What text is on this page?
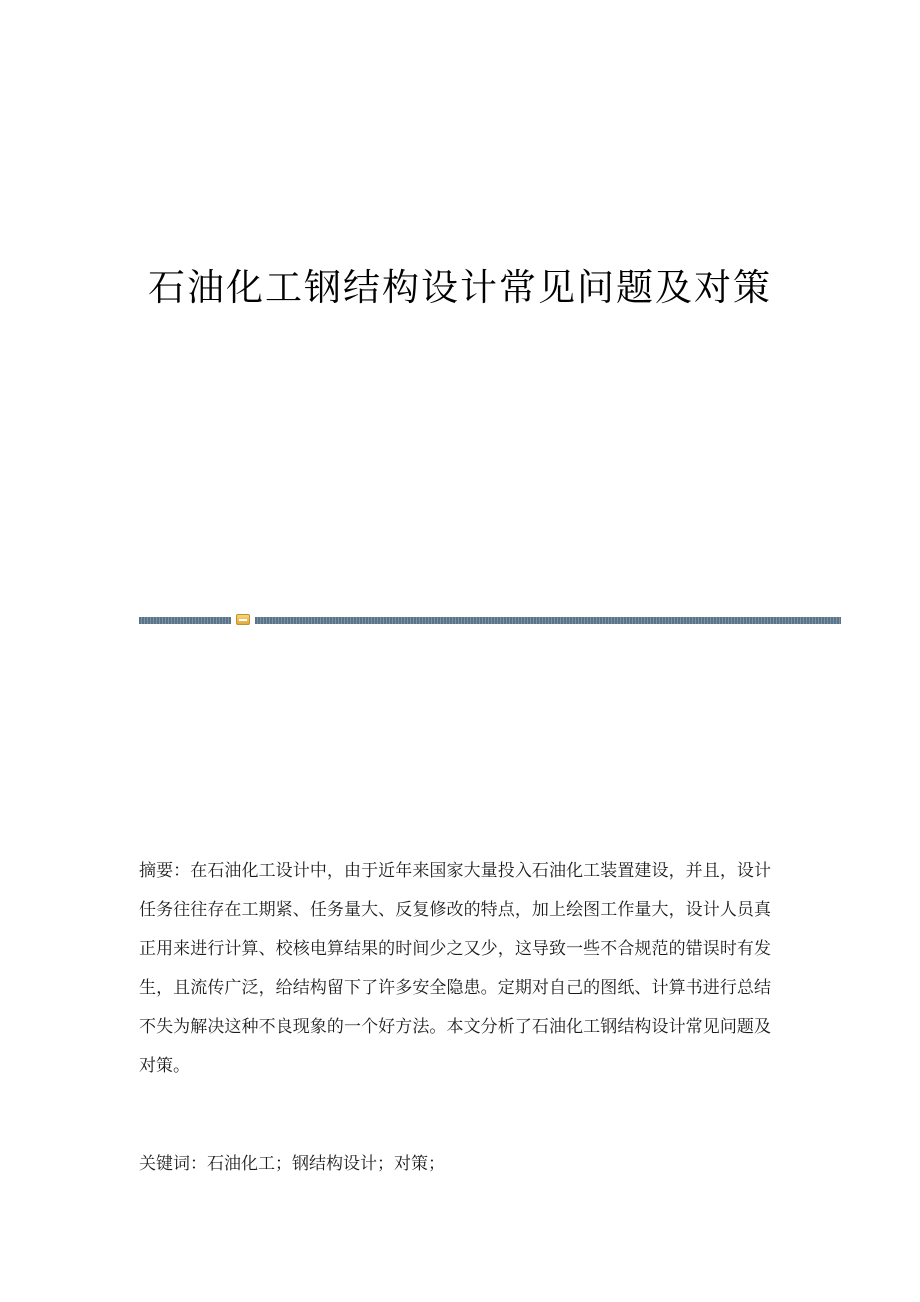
石油化工钢结构设计常见问题及对策

摘要：在石油化工设计中，由于近年来国家大量投入石油化工装置建设，并且，设计任务往往存在工期紧、任务量大、反复修改的特点，加上绘图工作量大，设计人员真正用来进行计算、校核电算结果的时间少之又少，这导致一些不合规范的错误时有发生，且流传广泛，给结构留下了许多安全隐患。定期对自己的图纸、计算书进行总结不失为解决这种不良现象的一个好方法。本文分析了石油化工钢结构设计常见问题及对策。

关键词：石油化工；钢结构设计；对策；
